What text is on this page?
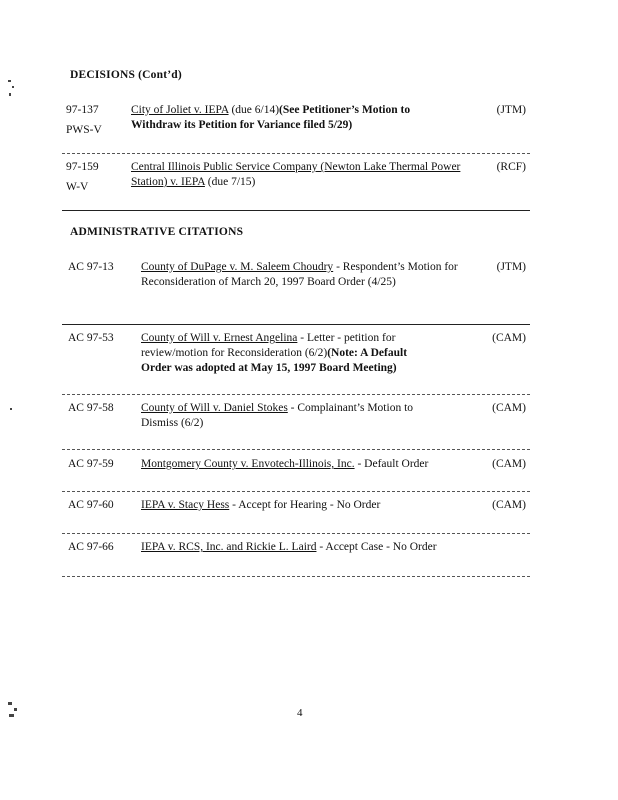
DECISIONS (Cont’d)
97-137
PWS-V
City of Joliet v. IEPA (due 6/14)(See Petitioner’s Motion to Withdraw its Petition for Variance filed 5/29)
(JTM)
97-159
W-V
Central Illinois Public Service Company (Newton Lake Thermal Power Station) v. IEPA (due 7/15)
(RCF)
ADMINISTRATIVE CITATIONS
AC 97-13 County of DuPage v. M. Saleem Choudry - Respondent’s Motion for Reconsideration of March 20, 1997 Board Order (4/25)
(JTM)
AC 97-53 County of Will v. Ernest Angelina - Letter - petition for review/motion for Reconsideration (6/2)(Note: A Default Order was adopted at May 15, 1997 Board Meeting)
(CAM)
AC 97-58 County of Will v. Daniel Stokes - Complainant’s Motion to Dismiss (6/2)
(CAM)
AC 97-59 Montgomery County v. Envotech-Illinois, Inc. - Default Order	(CAM)
AC 97-60 IEPA v. Stacy Hess - Accept for Hearing - No Order	(CAM)
AC 97-66 IEPA v. RCS, Inc. and Rickie L. Laird - Accept Case - No Order
4
